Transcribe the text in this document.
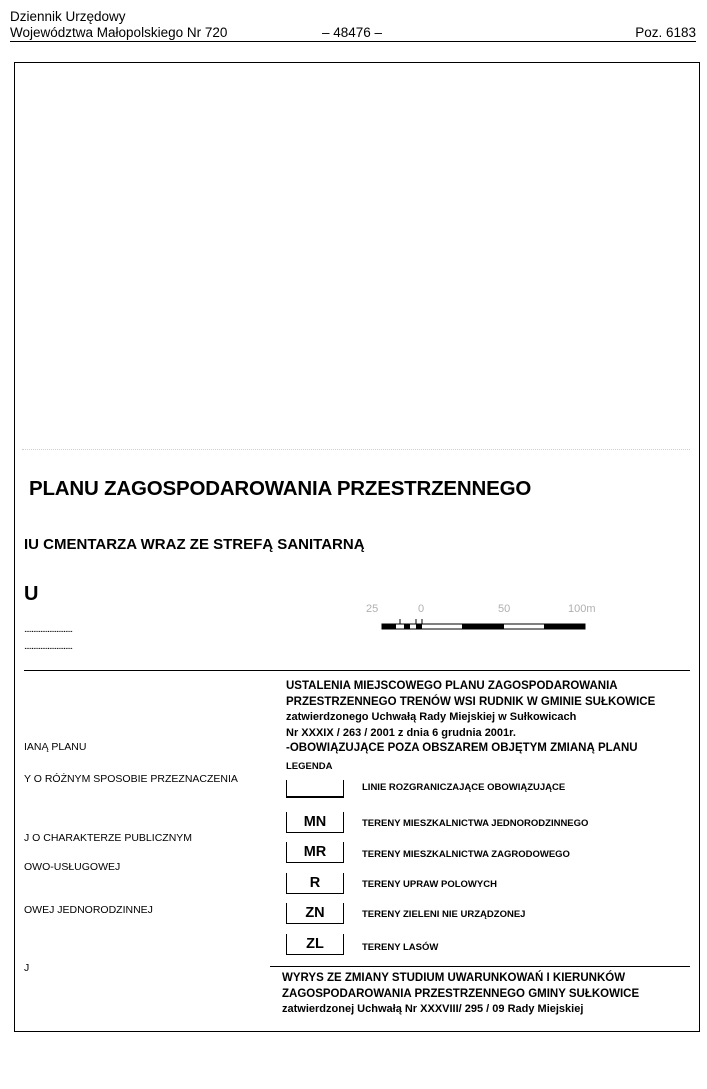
Dziennik Urzędowy
Województwa Małopolskiego Nr 720	– 48476 –	Poz. 6183
PLANU ZAGOSPODAROWANIA PRZESTRZENNEGO
IU CMENTARZA WRAZ ZE STREFĄ SANITARNĄ
U
...........................
...........................
25	0	50	100m
IANĄ PLANU
Y O RÓŻNYM SPOSOBIE PRZEZNACZENIA
J O CHARAKTERZE PUBLICZNYM
OWO-USŁUGOWEJ
OWEJ JEDNORODZINNEJ
J
USTALENIA MIEJSCOWEGO PLANU ZAGOSPODAROWANIA
PRZESTRZENNEGO TRENÓW WSI RUDNIK W GMINIE SUŁKOWICE
zatwierdzonego Uchwałą Rady Miejskiej w Sułkowicach
Nr XXXIX / 263 / 2001 z dnia 6 grudnia 2001r.
-OBOWIĄZUJĄCE POZA OBSZAREM OBJĘTYM ZMIANĄ PLANU
LEGENDA
LINIE ROZGRANICZAJĄCE OBOWIĄZUJĄCE
MN	TERENY MIESZKALNICTWA JEDNORODZINNEGO
MR	TERENY MIESZKALNICTWA ZAGRODOWEGO
R	TERENY UPRAW POLOWYCH
ZN	TERENY ZIELENI NIE URZĄDZONEJ
ZL	TERENY LASÓW
WYRYS ZE ZMIANY STUDIUM UWARUNKOWAŃ I KIERUNKÓW
ZAGOSPODAROWANIA PRZESTRZENNEGO GMINY SUŁKOWICE
zatwierdzonej Uchwałą Nr XXXVIII/ 295 / 09 Rady Miejskiej
